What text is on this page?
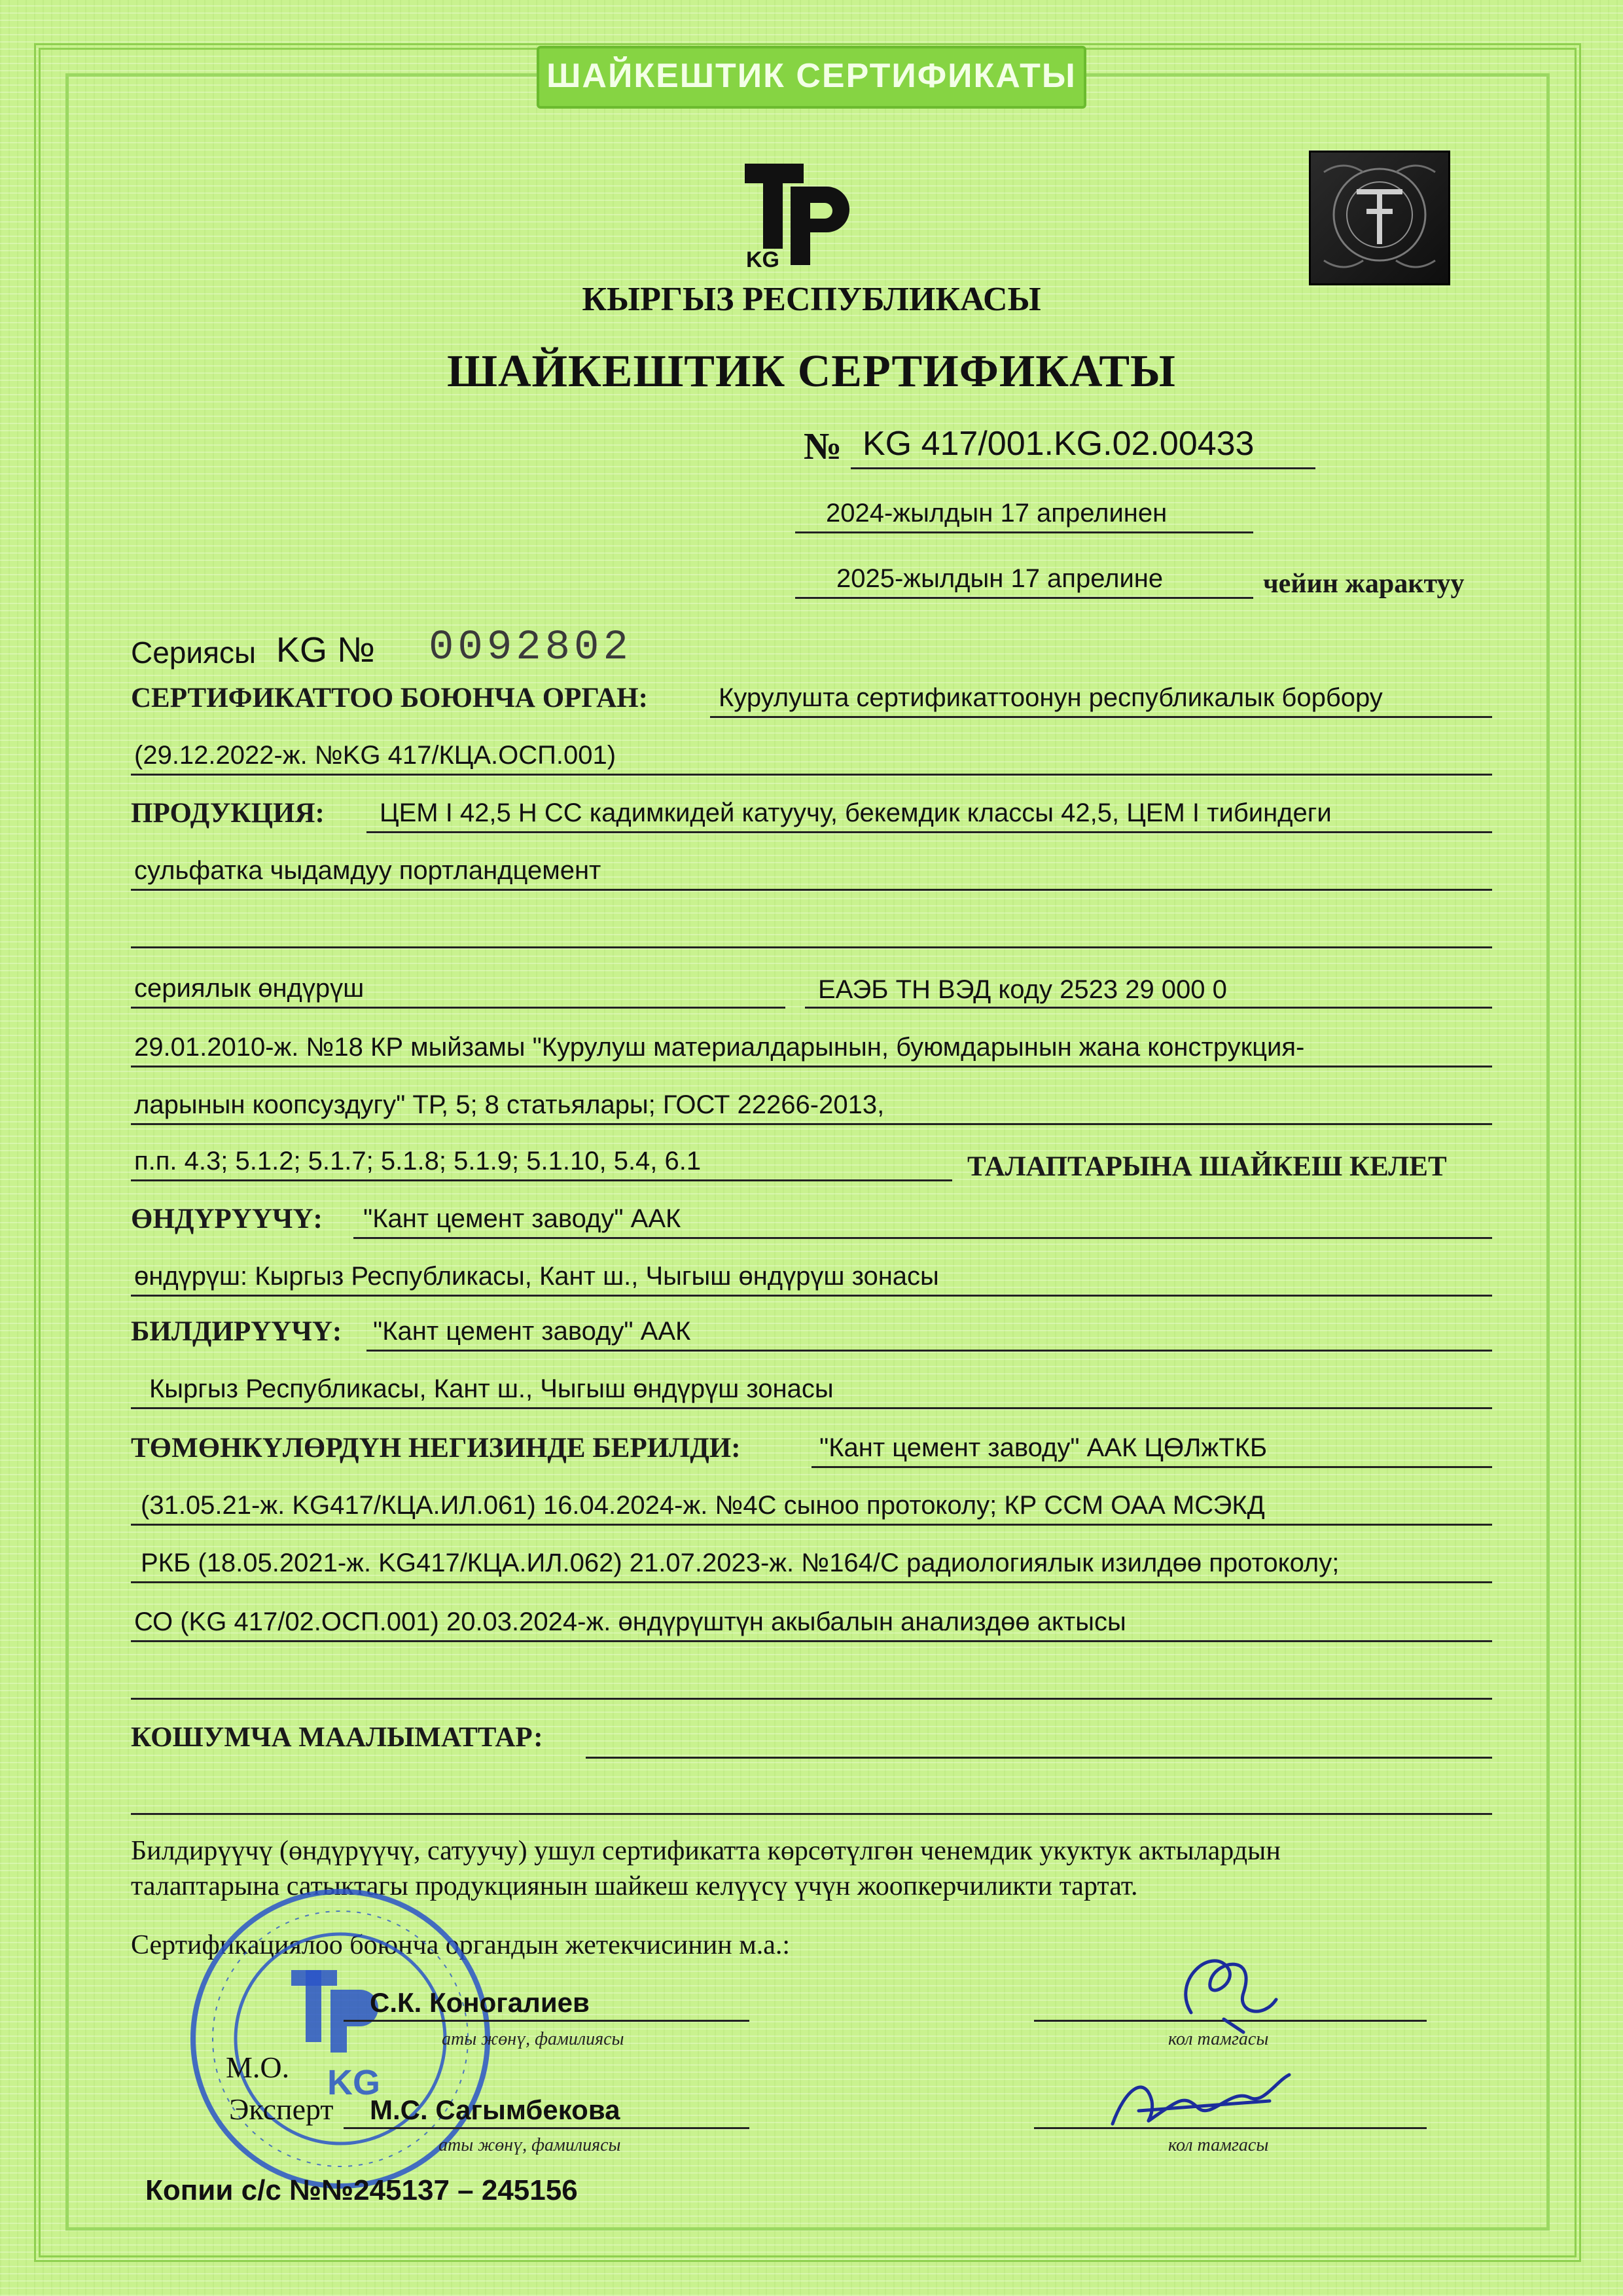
ШАЙКЕШТИК СЕРТИФИКАТЫ
KG
КЫРГЫЗ РЕСПУБЛИКАСЫ
ШАЙКЕШТИК СЕРТИФИКАТЫ
№ KG 417/001.KG.02.00433
2024-жылдын 17 апрелинен
2025-жылдын 17 апрелине	чейин жарактуу
Сериясы KG № 0092802
СЕРТИФИКАТТОО БОЮНЧА ОРГАН:	Курулушта сертификаттоонун республикалык борбору
(29.12.2022-ж. №KG 417/КЦА.ОСП.001)
ПРОДУКЦИЯ: ЦЕМ I 42,5 Н СС кадимкидей катуучу, бекемдик классы 42,5, ЦЕМ I тибиндеги
сульфатка чыдамдуу портландцемент
сериялык өндүрүш	ЕАЭБ ТН ВЭД коду 2523 29 000 0
29.01.2010-ж. №18 КР мыйзамы "Курулуш материалдарынын, буюмдарынын жана конструкция-
ларынын коопсуздугу" ТР, 5; 8 статьялары; ГОСТ 22266-2013,
п.п. 4.3; 5.1.2; 5.1.7; 5.1.8; 5.1.9; 5.1.10, 5.4, 6.1	ТАЛАПТАРЫНА ШАЙКЕШ КЕЛЕТ
ӨНДҮРҮҮЧҮ: "Кант цемент заводу" ААК
өндүрүш: Кыргыз Республикасы, Кант ш., Чыгыш өндүрүш зонасы
БИЛДИРҮҮЧҮ: "Кант цемент заводу" ААК
Кыргыз Республикасы, Кант ш., Чыгыш өндүрүш зонасы
ТӨМӨНКҮЛӨРДҮН НЕГИЗИНДЕ БЕРИЛДИ:	"Кант цемент заводу" ААК ЦӨЛжТКБ
(31.05.21-ж. KG417/КЦА.ИЛ.061) 16.04.2024-ж. №4С сыноо протоколу; КР ССМ ОАА МСЭКД
РКБ (18.05.2021-ж. KG417/КЦА.ИЛ.062) 21.07.2023-ж. №164/С радиологиялык изилдөө протоколу;
СО (KG 417/02.ОСП.001) 20.03.2024-ж. өндүрүштүн акыбалын анализдөө актысы
КОШУМЧА МААЛЫМАТТАР:
Билдирүүчү (өндүрүүчү, сатуучу) ушул сертификатта көрсөтүлгөн ченемдик укуктук актылардын
талаптарына сатыктагы продукциянын шайкеш келүүсү үчүн жоопкерчиликти тартат.
Сертификациялоо боюнча органдын жетекчисинин м.а.:
KG
С.К. Коногалиев
аты жөнү, фамилиясы	кол тамгасы
М.О.
Эксперт М.С. Сагымбекова
аты жөнү, фамилиясы	кол тамгасы
Копии с/с №№245137 – 245156
